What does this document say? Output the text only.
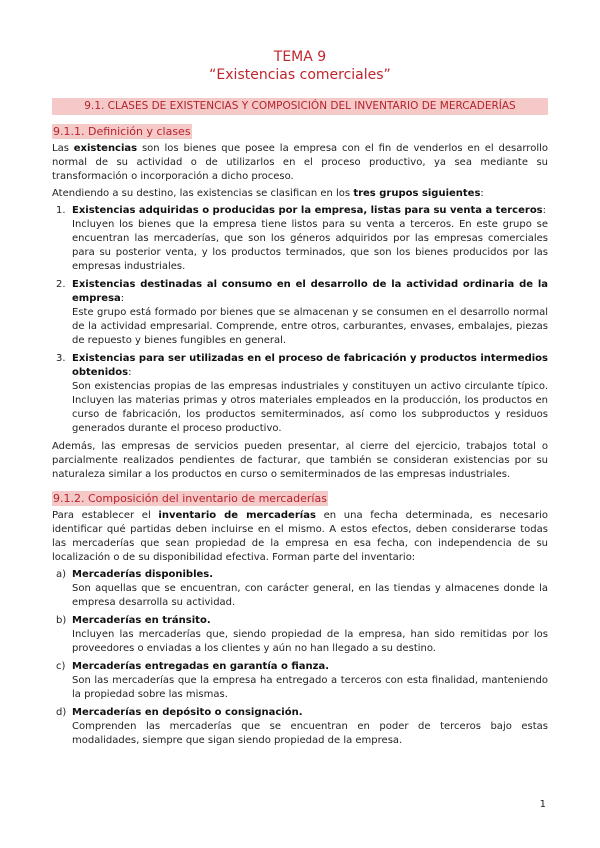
TEMA 9
“Existencias comerciales”
9.1. CLASES DE EXISTENCIAS Y COMPOSICIÓN DEL INVENTARIO DE MERCADERÍAS
9.1.1. Definición y clases

Las existencias son los bienes que posee la empresa con el fin de venderlos en el desarrollo normal de su actividad o de utilizarlos en el proceso productivo, ya sea mediante su transformación o incorporación a dicho proceso.

Atendiendo a su destino, las existencias se clasifican en los tres grupos siguientes:

1. Existencias adquiridas o producidas por la empresa, listas para su venta a terceros:
Incluyen los bienes que la empresa tiene listos para su venta a terceros. En este grupo se encuentran las mercaderías, que son los géneros adquiridos por las empresas comerciales para su posterior venta, y los productos terminados, que son los bienes producidos por las empresas industriales.
2. Existencias destinadas al consumo en el desarrollo de la actividad ordinaria de la empresa:
Este grupo está formado por bienes que se almacenan y se consumen en el desarrollo normal de la actividad empresarial. Comprende, entre otros, carburantes, envases, embalajes, piezas de repuesto y bienes fungibles en general.
3. Existencias para ser utilizadas en el proceso de fabricación y productos intermedios obtenidos:
Son existencias propias de las empresas industriales y constituyen un activo circulante típico. Incluyen las materias primas y otros materiales empleados en la producción, los productos en curso de fabricación, los productos semiterminados, así como los subproductos y residuos generados durante el proceso productivo.

Además, las empresas de servicios pueden presentar, al cierre del ejercicio, trabajos total o parcialmente realizados pendientes de facturar, que también se consideran existencias por su naturaleza similar a los productos en curso o semiterminados de las empresas industriales.

9.1.2. Composición del inventario de mercaderías

Para establecer el inventario de mercaderías en una fecha determinada, es necesario identificar qué partidas deben incluirse en el mismo. A estos efectos, deben considerarse todas las mercaderías que sean propiedad de la empresa en esa fecha, con independencia de su localización o de su disponibilidad efectiva. Forman parte del inventario:

a) Mercaderías disponibles.
Son aquellas que se encuentran, con carácter general, en las tiendas y almacenes donde la empresa desarrolla su actividad.
b) Mercaderías en tránsito.
Incluyen las mercaderías que, siendo propiedad de la empresa, han sido remitidas por los proveedores o enviadas a los clientes y aún no han llegado a su destino.
c) Mercaderías entregadas en garantía o fianza.
Son las mercaderías que la empresa ha entregado a terceros con esta finalidad, manteniendo la propiedad sobre las mismas.
d) Mercaderías en depósito o consignación.
Comprenden las mercaderías que se encuentran en poder de terceros bajo estas modalidades, siempre que sigan siendo propiedad de la empresa.
1
